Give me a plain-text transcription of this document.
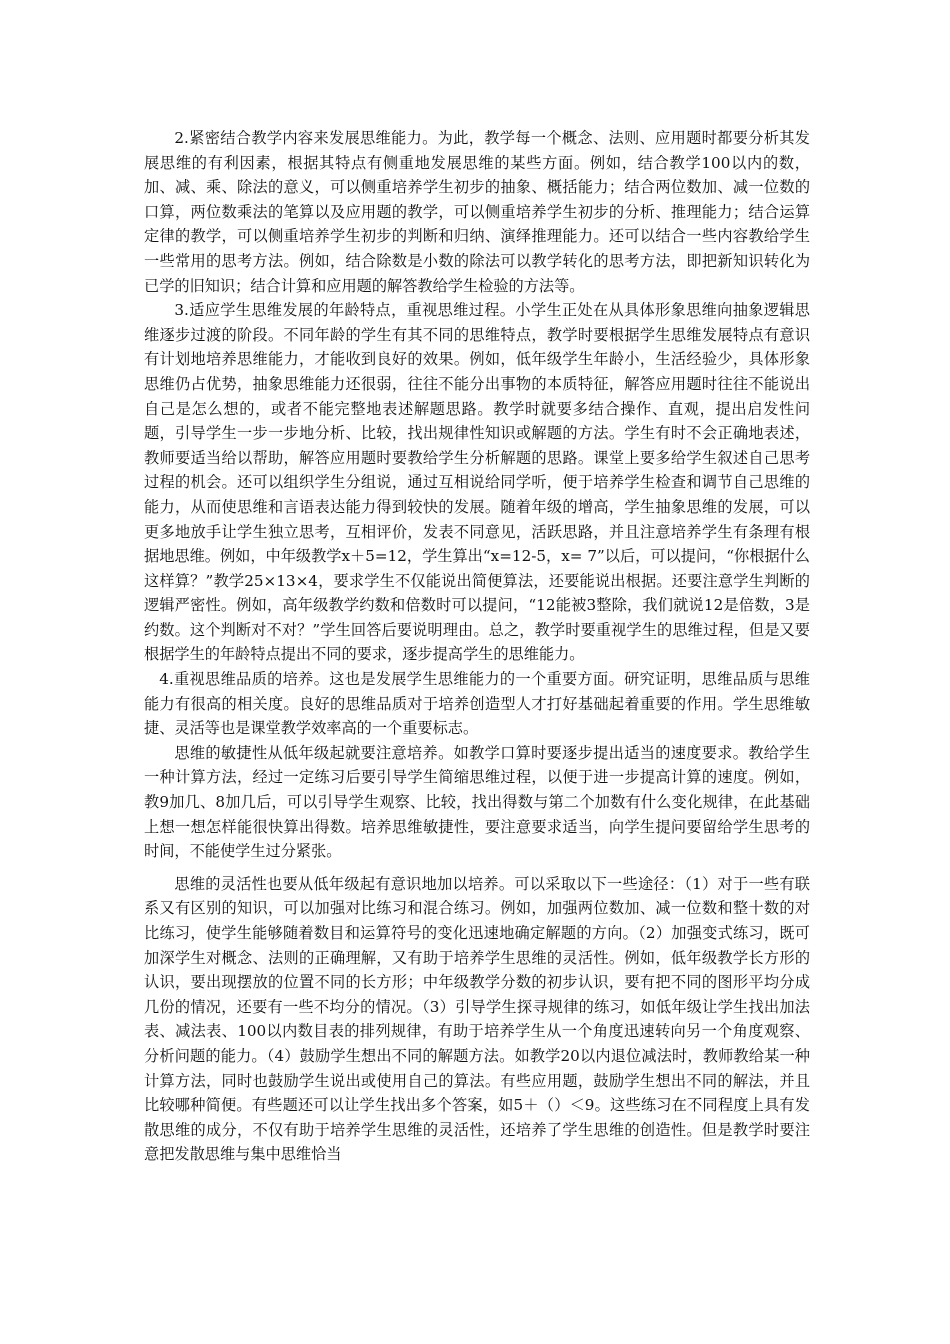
2.紧密结合教学内容来发展思维能力。为此，教学每一个概念、法则、应用题时都要分析其发展思维的有利因素，根据其特点有侧重地发展思维的某些方面。例如，结合教学100以内的数，加、减、乘、除法的意义，可以侧重培养学生初步的抽象、概括能力；结合两位数加、减一位数的口算，两位数乘法的笔算以及应用题的教学，可以侧重培养学生初步的分析、推理能力；结合运算定律的教学，可以侧重培养学生初步的判断和归纳、演绎推理能力。还可以结合一些内容教给学生一些常用的思考方法。例如，结合除数是小数的除法可以教学转化的思考方法，即把新知识转化为已学的旧知识；结合计算和应用题的解答教给学生检验的方法等。

3.适应学生思维发展的年龄特点，重视思维过程。小学生正处在从具体形象思维向抽象逻辑思维逐步过渡的阶段。不同年龄的学生有其不同的思维特点，教学时要根据学生思维发展特点有意识有计划地培养思维能力，才能收到良好的效果。例如，低年级学生年龄小，生活经验少，具体形象思维仍占优势，抽象思维能力还很弱，往往不能分出事物的本质特征，解答应用题时往往不能说出自己是怎么想的，或者不能完整地表述解题思路。教学时就要多结合操作、直观，提出启发性问题，引导学生一步一步地分析、比较，找出规律性知识或解题的方法。学生有时不会正确地表述，教师要适当给以帮助，解答应用题时要教给学生分析解题的思路。课堂上要多给学生叙述自己思考过程的机会。还可以组织学生分组说，通过互相说给同学听，便于培养学生检查和调节自己思维的能力，从而使思维和言语表达能力得到较快的发展。随着年级的增高，学生抽象思维的发展，可以更多地放手让学生独立思考，互相评价，发表不同意见，活跃思路，并且注意培养学生有条理有根据地思维。例如，中年级教学x＋5=12，学生算出“x=12-5，x= 7”以后，可以提问，“你根据什么这样算？”教学25×13×4，要求学生不仅能说出简便算法，还要能说出根据。还要注意学生判断的逻辑严密性。例如，高年级教学约数和倍数时可以提问，“12能被3整除，我们就说12是倍数，3是约数。这个判断对不对？”学生回答后要说明理由。总之，教学时要重视学生的思维过程，但是又要根据学生的年龄特点提出不同的要求，逐步提高学生的思维能力。

4.重视思维品质的培养。这也是发展学生思维能力的一个重要方面。研究证明，思维品质与思维能力有很高的相关度。良好的思维品质对于培养创造型人才打好基础起着重要的作用。学生思维敏捷、灵活等也是课堂教学效率高的一个重要标志。

思维的敏捷性从低年级起就要注意培养。如教学口算时要逐步提出适当的速度要求。教给学生一种计算方法，经过一定练习后要引导学生简缩思维过程，以便于进一步提高计算的速度。例如，教9加几、8加几后，可以引导学生观察、比较，找出得数与第二个加数有什么变化规律，在此基础上想一想怎样能很快算出得数。培养思维敏捷性，要注意要求适当，向学生提问要留给学生思考的时间，不能使学生过分紧张。

思维的灵活性也要从低年级起有意识地加以培养。可以采取以下一些途径：（1）对于一些有联系又有区别的知识，可以加强对比练习和混合练习。例如，加强两位数加、减一位数和整十数的对比练习，使学生能够随着数目和运算符号的变化迅速地确定解题的方向。（2）加强变式练习，既可加深学生对概念、法则的正确理解，又有助于培养学生思维的灵活性。例如，低年级教学长方形的认识，要出现摆放的位置不同的长方形；中年级教学分数的初步认识，要有把不同的图形平均分成几份的情况，还要有一些不均分的情况。（3）引导学生探寻规律的练习，如低年级让学生找出加法表、减法表、100以内数目表的排列规律，有助于培养学生从一个角度迅速转向另一个角度观察、分析问题的能力。（4）鼓励学生想出不同的解题方法。如教学20以内退位减法时，教师教给某一种计算方法，同时也鼓励学生说出或使用自己的算法。有些应用题，鼓励学生想出不同的解法，并且比较哪种简便。有些题还可以让学生找出多个答案，如5＋（）＜9。这些练习在不同程度上具有发散思维的成分，不仅有助于培养学生思维的灵活性，还培养了学生思维的创造性。但是教学时要注意把发散思维与集中思维恰当
